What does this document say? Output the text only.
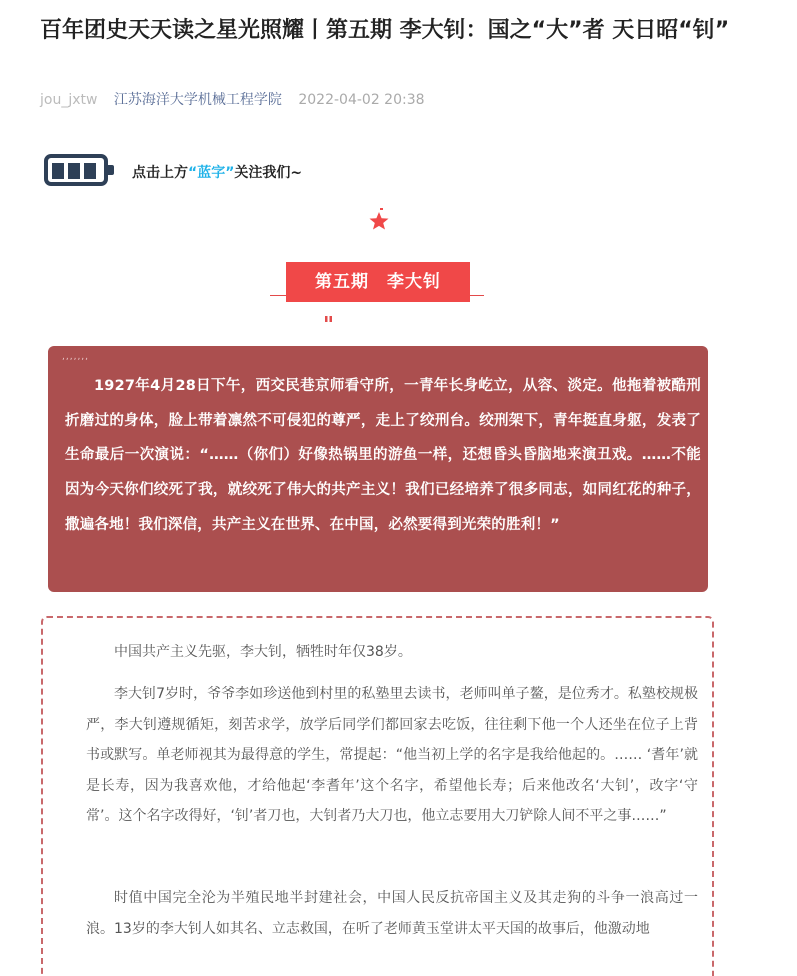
百年团史天天读之星光照耀丨第五期 李大钊：国之“大”者 天日昭“钊”
jou_jxtw 江苏海洋大学机械工程学院 2022-04-02 20:38
点击上方“蓝字”关注我们~
第五期　李大钊
,,,,,,,

1927年4月28日下午，西交民巷京师看守所，一青年长身屹立，从容、淡定。他拖着被酷刑折磨过的身体，脸上带着凛然不可侵犯的尊严，走上了绞刑台。绞刑架下，青年挺直身躯，发表了生命最后一次演说：“……（你们）好像热锅里的游鱼一样，还想昏头昏脑地来演丑戏。……不能因为今天你们绞死了我，就绞死了伟大的共产主义！我们已经培养了很多同志，如同红花的种子，撒遍各地！我们深信，共产主义在世界、在中国，必然要得到光荣的胜利！”

中国共产主义先驱，李大钊，牺牲时年仅38岁。

李大钊7岁时，爷爷李如珍送他到村里的私塾里去读书，老师叫单子鳌，是位秀才。私塾校规极严，李大钊遵规循矩，刻苦求学，放学后同学们都回家去吃饭，往往剩下他一个人还坐在位子上背书或默写。单老师视其为最得意的学生，常提起：“他当初上学的名字是我给他起的。…… ‘耆年’就是长寿，因为我喜欢他，才给他起‘李耆年’这个名字，希望他长寿；后来他改名‘大钊’，改字‘守常’。这个名字改得好，‘钊’者刀也，大钊者乃大刀也，他立志要用大刀铲除人间不平之事……”

时值中国完全沦为半殖民地半封建社会，中国人民反抗帝国主义及其走狗的斗争一浪高过一浪。13岁的李大钊人如其名、立志救国，在听了老师黄玉堂讲太平天国的故事后，他激动地
